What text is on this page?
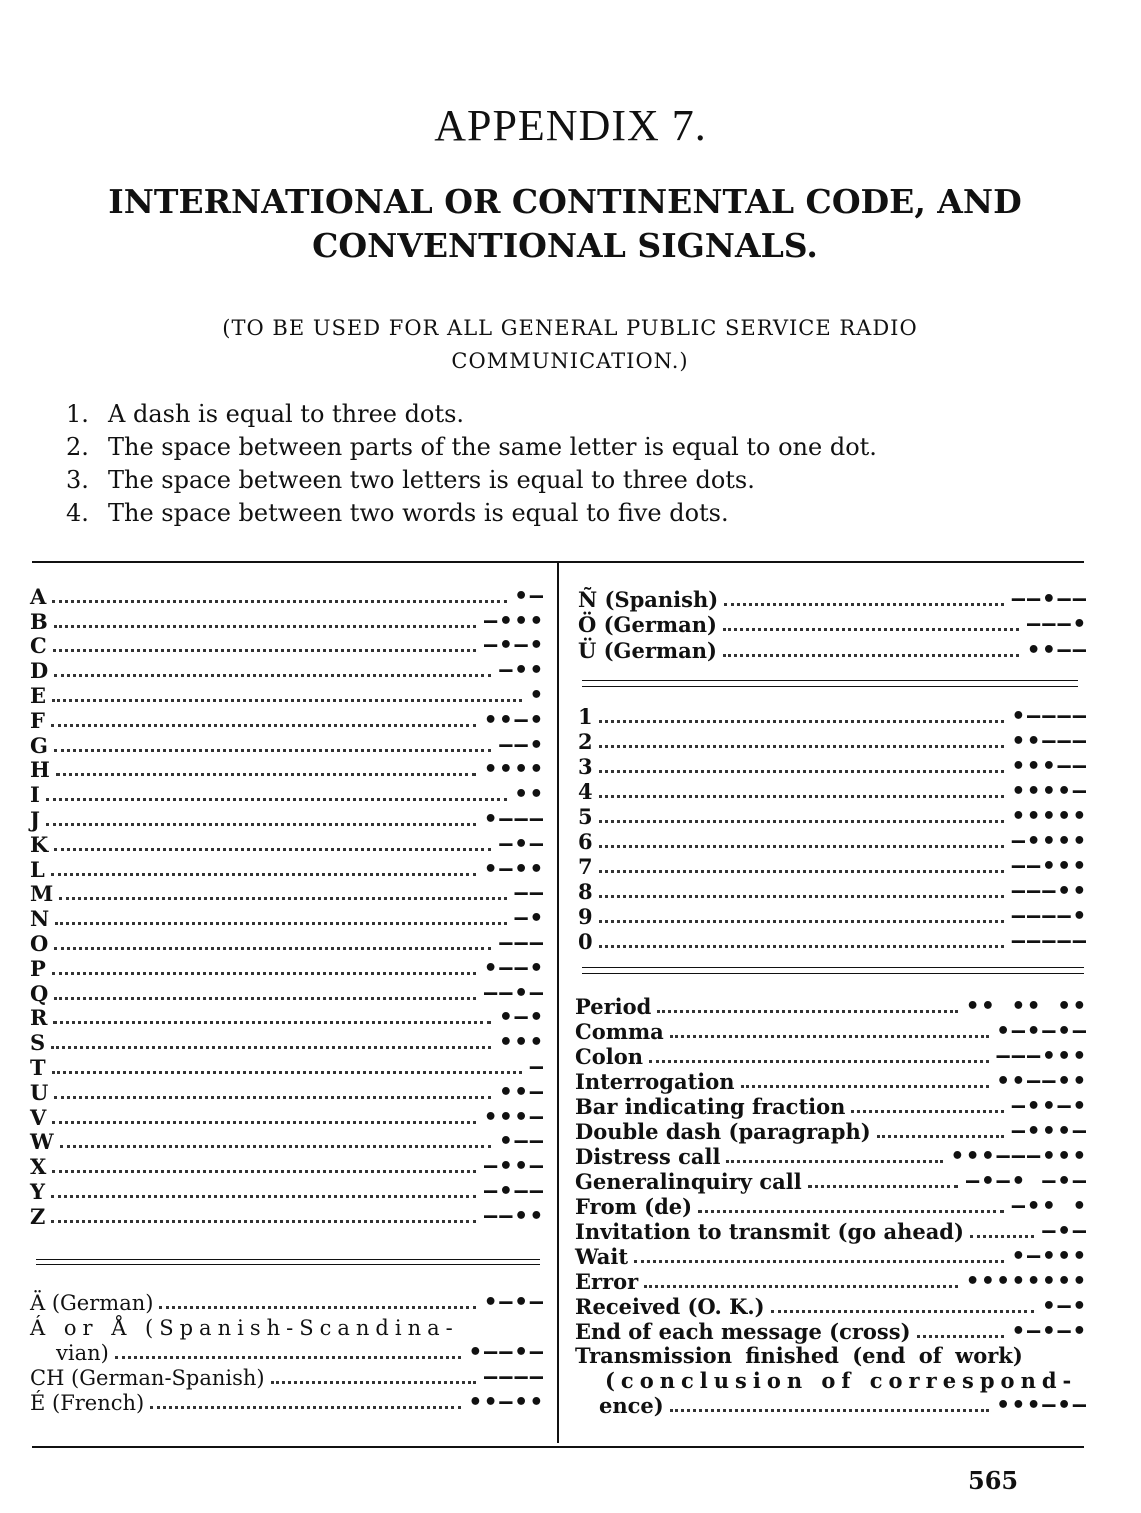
APPENDIX 7.
INTERNATIONAL OR CONTINENTAL CODE, AND
CONVENTIONAL SIGNALS.
(TO BE USED FOR ALL GENERAL PUBLIC SERVICE RADIO
COMMUNICATION.)
1. A dash is equal to three dots.
2. The space between parts of the same letter is equal to one dot.
3. The space between two letters is equal to three dots.
4. The space between two words is equal to five dots.
A	•—
B	—•••
C	—•—•
D	—••
E	•
F	••—•
G	——•
H	••••
I	••
J	•———
K	—•—
L	•—••
M	——
N	—•
O	———
P	•——•
Q	——•—
R	•—•
S	•••
T	—
U	••—
V	•••—
W	•——
X	—••—
Y	—•——
Z	——••
Ä (German)	•—•—
Á or Å (Spanish-Scandina-
vian)	•——•—
CH (German-Spanish)	————
É (French)	••—••
Ñ (Spanish)	——•——
Ö (German)	———•
Ü (German)	••——
1	•————
2	••———
3	•••——
4	••••—
5	•••••
6	—••••
7	——•••
8	———••
9	————•
0	—————
Period	•• •• ••
Comma	•—•—•—
Colon	———•••
Interrogation	••——••
Bar indicating fraction	—••—•
Double dash (paragraph)	—•••—
Distress call	•••———•••
Generalinquiry call	—•—• —•—
From (de)	—•• •
Invitation to transmit (go ahead)	—•—
Wait	•—•••
Error	••••••••
Received (O. K.)	•—•
End of each message (cross)	•—•—•
Transmission finished (end of work)
(conclusion of correspond-
ence)	•••—•—
565
